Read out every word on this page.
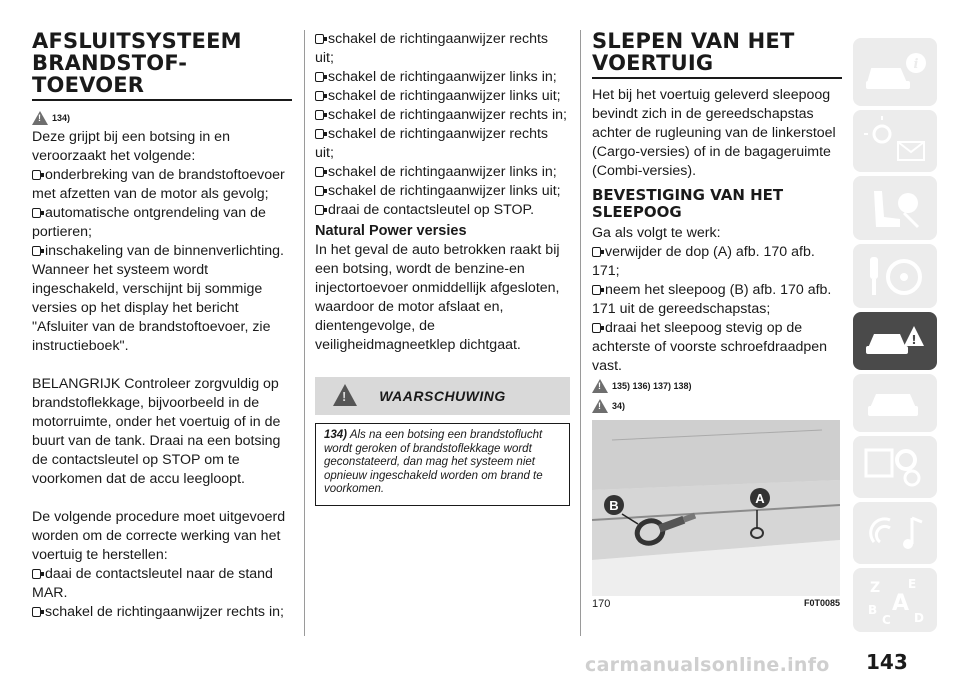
AFSLUITSYSTEEM
BRANDSTOF-
TOEVOER
!
134)

Deze grijpt bij een botsing in en veroorzaakt het volgende:

onderbreking van de brandstoftoevoer met afzetten van de motor als gevolg;
automatische ontgrendeling van de portieren;
inschakeling van de binnenverlichting.

Wanneer het systeem wordt ingeschakeld, verschijnt bij sommige versies op het display het bericht "Afsluiter van de brandstoftoevoer, zie instructieboek".

BELANGRIJK Controleer zorgvuldig op brandstoflekkage, bijvoorbeeld in de motorruimte, onder het voertuig of in de buurt van de tank. Draai na een botsing de contactsleutel op STOP om te voorkomen dat de accu leegloopt.

De volgende procedure moet uitgevoerd worden om de correcte werking van het voertuig te herstellen:

daai de contactsleutel naar de stand MAR.
schakel de richtingaanwijzer rechts in;
schakel de richtingaanwijzer rechts uit;
schakel de richtingaanwijzer links in;
schakel de richtingaanwijzer links uit;
schakel de richtingaanwijzer rechts in;
schakel de richtingaanwijzer rechts uit;
schakel de richtingaanwijzer links in;
schakel de richtingaanwijzer links uit;
draai de contactsleutel op STOP.
Natural Power versies

In het geval de auto betrokken raakt bij een botsing, wordt de benzine-en injectortoevoer onmiddellijk afgesloten, waardoor de motor afslaat en, dientengevolge, de veiligheidmagneetklep dichtgaat.

!
WAARSCHUWING
134) Als na een botsing een brandstoflucht wordt geroken of brandstoflekkage wordt geconstateerd, dan mag het systeem niet opnieuw ingeschakeld worden om brand te voorkomen.
SLEPEN VAN HET
VOERTUIG

Het bij het voertuig geleverd sleepoog bevindt zich in de gereedschapstas achter de rugleuning van de linkerstoel (Cargo-versies) of in de bagageruimte (Combi-versies).

BEVESTIGING VAN HET
SLEEPOOG

Ga als volgt te werk:

verwijder de dop (A) afb. 170 afb. 171;
neem het sleepoog (B) afb. 170 afb. 171 uit de gereedschapstas;
draai het sleepoog stevig op de achterste of voorste schroefdraadpen vast.
!
135) 136) 137) 138)
!
34)
A
B
170	F0T0085
i
!
Z E
B A
C D
143
carmanualsonline.info
